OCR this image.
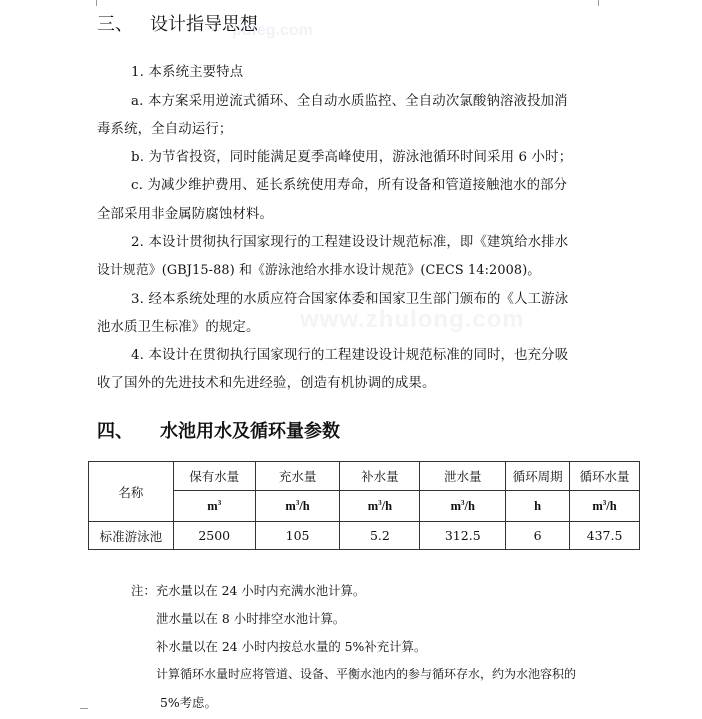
pdfeg.com
www.zhulong.com
三、 设计指导思想
1. 本系统主要特点
a. 本方案采用逆流式循环、全自动水质监控、全自动次氯酸钠溶液投加消
毒系统，全自动运行；
b. 为节省投资，同时能满足夏季高峰使用，游泳池循环时间采用 6 小时；
c. 为减少维护费用、延长系统使用寿命，所有设备和管道接触池水的部分
全部采用非金属防腐蚀材料。
2. 本设计贯彻执行国家现行的工程建设设计规范标准，即《建筑给水排水
设计规范》(GBJ15-88) 和《游泳池给水排水设计规范》(CECS 14:2008)。
3. 经本系统处理的水质应符合国家体委和国家卫生部门颁布的《人工游泳
池水质卫生标准》的规定。
4. 本设计在贯彻执行国家现行的工程建设设计规范标准的同时，也充分吸
收了国外的先进技术和先进经验，创造有机协调的成果。
四、 水池用水及循环量参数
名称	保有水量	充水量	补水量	泄水量	循环周期	循环水量
	$m^3$	$m^3/h$	$m^3/h$	$m^3/h$	h	$m^3/h$
标准游泳池	2500	105	5.2	312.5	6	437.5
注：充水量以在 24 小时内充满水池计算。
泄水量以在 8 小时排空水池计算。
补水量以在 24 小时内按总水量的 5%补充计算。
计算循环水量时应将管道、设备、平衡水池内的参与循环存水，约为水池容积的
5%考虑。
